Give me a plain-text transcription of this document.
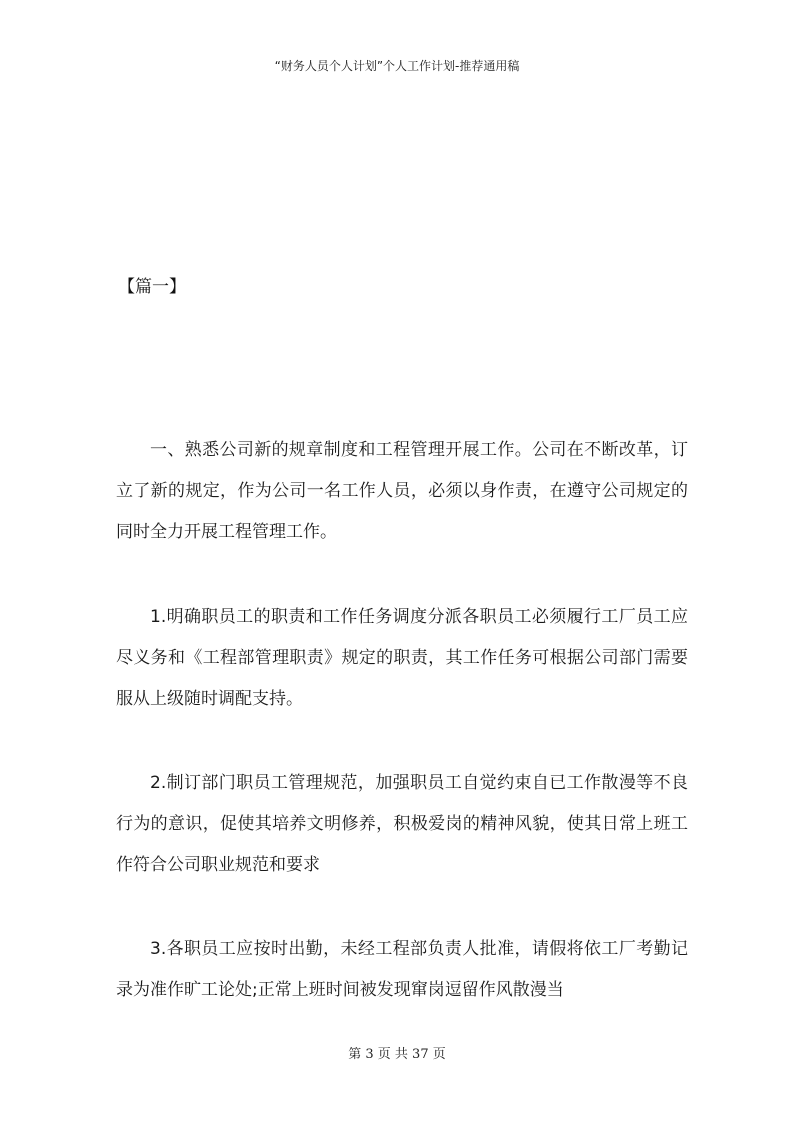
“财务人员个人计划”个人工作计划-推荐通用稿
【篇一】

一、熟悉公司新的规章制度和工程管理开展工作。公司在不断改革，订立了新的规定，作为公司一名工作人员，必须以身作责，在遵守公司规定的同时全力开展工程管理工作。

1.明确职员工的职责和工作任务调度分派各职员工必须履行工厂员工应尽义务和《工程部管理职责》规定的职责，其工作任务可根据公司部门需要服从上级随时调配支持。

2.制订部门职员工管理规范，加强职员工自觉约束自已工作散漫等不良行为的意识，促使其培养文明修养，积极爱岗的精神风貌，使其日常上班工作符合公司职业规范和要求

3.各职员工应按时出勤，未经工程部负责人批准，请假将依工厂考勤记录为准作旷工论处;正常上班时间被发现窜岗逗留作风散漫当

第 3 页 共 37 页
